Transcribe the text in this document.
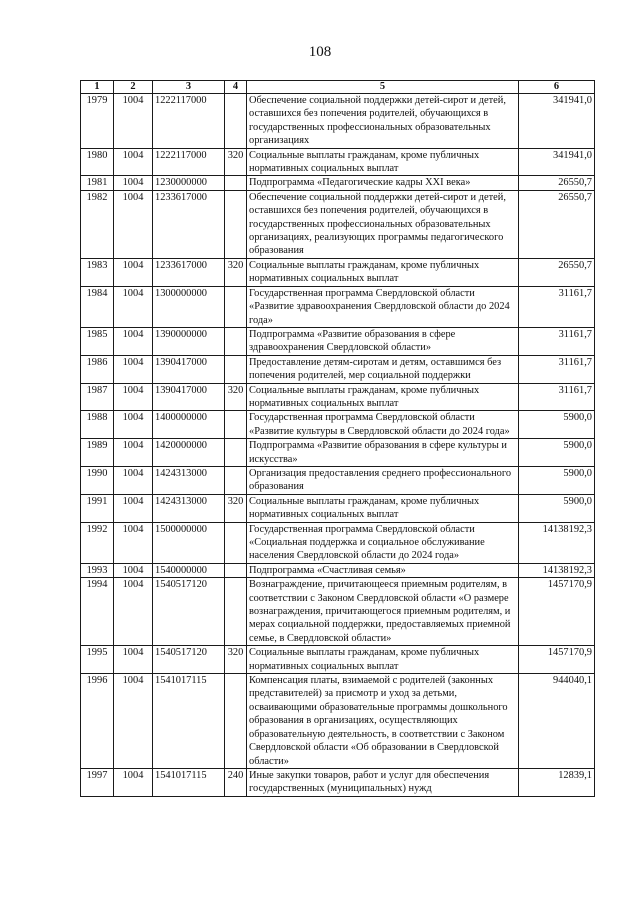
108
1	2	3	4	5	6
1979	1004	1222117000		Обеспечение социальной поддержки детей-сирот и детей, оставшихся без попечения родителей, обучающихся в государственных профессиональных образовательных организациях	341941,0
1980	1004	1222117000	320	Социальные выплаты гражданам, кроме публичных нормативных социальных выплат	341941,0
1981	1004	1230000000		Подпрограмма «Педагогические кадры XXI века»	26550,7
1982	1004	1233617000		Обеспечение социальной поддержки детей-сирот и детей, оставшихся без попечения родителей, обучающихся в государственных профессиональных образовательных организациях, реализующих программы педагогического образования	26550,7
1983	1004	1233617000	320	Социальные выплаты гражданам, кроме публичных нормативных социальных выплат	26550,7
1984	1004	1300000000		Государственная программа Свердловской области «Развитие здравоохранения Свердловской области до 2024 года»	31161,7
1985	1004	1390000000		Подпрограмма «Развитие образования в сфере здравоохранения Свердловской области»	31161,7
1986	1004	1390417000		Предоставление детям-сиротам и детям, оставшимся без попечения родителей, мер социальной поддержки	31161,7
1987	1004	1390417000	320	Социальные выплаты гражданам, кроме публичных нормативных социальных выплат	31161,7
1988	1004	1400000000		Государственная программа Свердловской области «Развитие культуры в Свердловской области до 2024 года»	5900,0
1989	1004	1420000000		Подпрограмма «Развитие образования в сфере культуры и искусства»	5900,0
1990	1004	1424313000		Организация предоставления среднего профессионального образования	5900,0
1991	1004	1424313000	320	Социальные выплаты гражданам, кроме публичных нормативных социальных выплат	5900,0
1992	1004	1500000000		Государственная программа Свердловской области «Социальная поддержка и социальное обслуживание населения Свердловской области до 2024 года»	14138192,3
1993	1004	1540000000		Подпрограмма «Счастливая семья»	14138192,3
1994	1004	1540517120		Вознаграждение, причитающееся приемным родителям, в соответствии с Законом Свердловской области «О размере вознаграждения, причитающегося приемным родителям, и мерах социальной поддержки, предоставляемых приемной семье, в Свердловской области»	1457170,9
1995	1004	1540517120	320	Социальные выплаты гражданам, кроме публичных нормативных социальных выплат	1457170,9
1996	1004	1541017115		Компенсация платы, взимаемой с родителей (законных представителей) за присмотр и уход за детьми, осваивающими образовательные программы дошкольного образования в организациях, осуществляющих образовательную деятельность, в соответствии с Законом Свердловской области «Об образовании в Свердловской области»	944040,1
1997	1004	1541017115	240	Иные закупки товаров, работ и услуг для обеспечения государственных (муниципальных) нужд	12839,1
